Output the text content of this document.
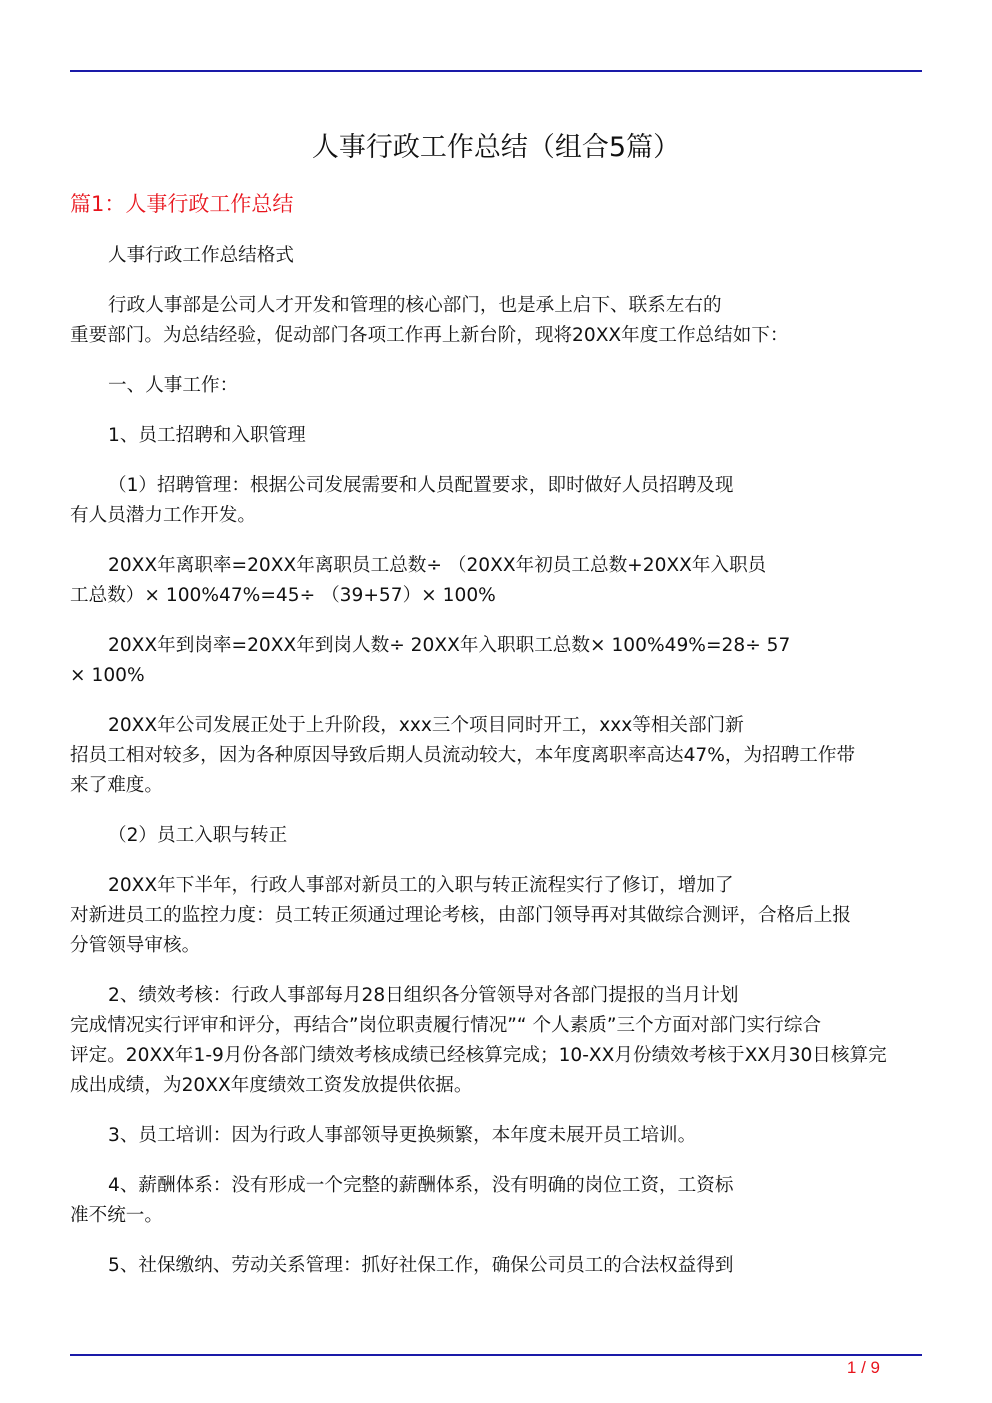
人事行政工作总结（组合5篇）
篇1：人事行政工作总结
人事行政工作总结格式
行政人事部是公司人才开发和管理的核心部门，也是承上启下、联系左右的
重要部门。为总结经验，促动部门各项工作再上新台阶，现将20XX年度工作总结如下：
一、人事工作：
1、员工招聘和入职管理
（1）招聘管理：根据公司发展需要和人员配置要求，即时做好人员招聘及现
有人员潜力工作开发。
20XX年离职率=20XX年离职员工总数÷ （20XX年初员工总数+20XX年入职员
工总数）× 100%47%=45÷ （39+57）× 100%
20XX年到岗率=20XX年到岗人数÷ 20XX年入职职工总数× 100%49%=28÷ 57
× 100%
20XX年公司发展正处于上升阶段，xxx三个项目同时开工，xxx等相关部门新
招员工相对较多，因为各种原因导致后期人员流动较大，本年度离职率高达47%，为招聘工作带
来了难度。
（2）员工入职与转正
20XX年下半年，行政人事部对新员工的入职与转正流程实行了修订，增加了
对新进员工的监控力度：员工转正须通过理论考核，由部门领导再对其做综合测评，合格后上报
分管领导审核。
2、绩效考核：行政人事部每月28日组织各分管领导对各部门提报的当月计划
完成情况实行评审和评分，再结合”岗位职责履行情况”“ 个人素质”三个方面对部门实行综合
评定。20XX年1-9月份各部门绩效考核成绩已经核算完成；10-XX月份绩效考核于XX月30日核算完
成出成绩，为20XX年度绩效工资发放提供依据。
3、员工培训：因为行政人事部领导更换频繁，本年度未展开员工培训。
4、薪酬体系：没有形成一个完整的薪酬体系，没有明确的岗位工资，工资标
准不统一。
5、社保缴纳、劳动关系管理：抓好社保工作，确保公司员工的合法权益得到
1 / 9
